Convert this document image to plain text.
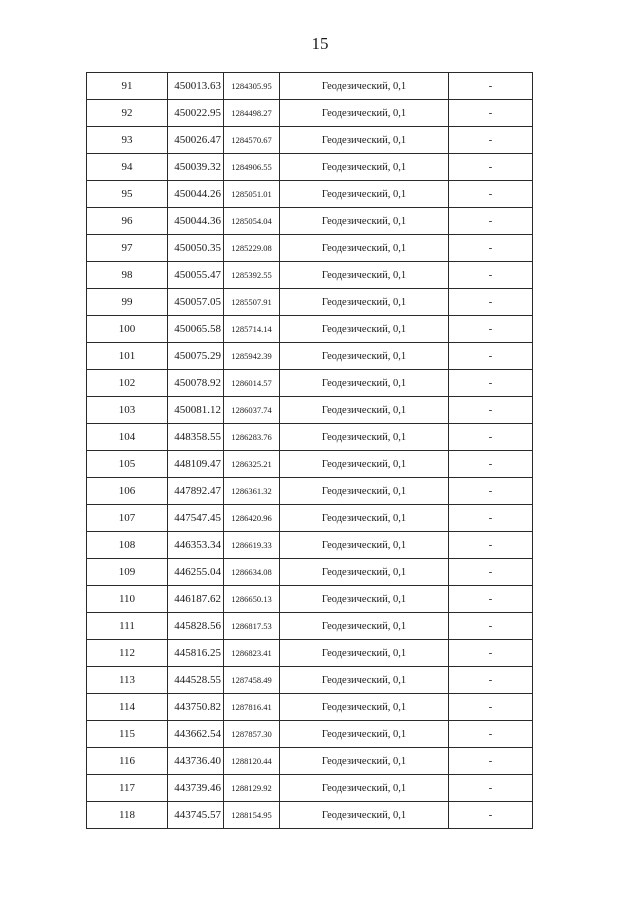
15
91	450013.63	1284305.95	Геодезический, 0,1	-
92	450022.95	1284498.27	Геодезический, 0,1	-
93	450026.47	1284570.67	Геодезический, 0,1	-
94	450039.32	1284906.55	Геодезический, 0,1	-
95	450044.26	1285051.01	Геодезический, 0,1	-
96	450044.36	1285054.04	Геодезический, 0,1	-
97	450050.35	1285229.08	Геодезический, 0,1	-
98	450055.47	1285392.55	Геодезический, 0,1	-
99	450057.05	1285507.91	Геодезический, 0,1	-
100	450065.58	1285714.14	Геодезический, 0,1	-
101	450075.29	1285942.39	Геодезический, 0,1	-
102	450078.92	1286014.57	Геодезический, 0,1	-
103	450081.12	1286037.74	Геодезический, 0,1	-
104	448358.55	1286283.76	Геодезический, 0,1	-
105	448109.47	1286325.21	Геодезический, 0,1	-
106	447892.47	1286361.32	Геодезический, 0,1	-
107	447547.45	1286420.96	Геодезический, 0,1	-
108	446353.34	1286619.33	Геодезический, 0,1	-
109	446255.04	1286634.08	Геодезический, 0,1	-
110	446187.62	1286650.13	Геодезический, 0,1	-
111	445828.56	1286817.53	Геодезический, 0,1	-
112	445816.25	1286823.41	Геодезический, 0,1	-
113	444528.55	1287458.49	Геодезический, 0,1	-
114	443750.82	1287816.41	Геодезический, 0,1	-
115	443662.54	1287857.30	Геодезический, 0,1	-
116	443736.40	1288120.44	Геодезический, 0,1	-
117	443739.46	1288129.92	Геодезический, 0,1	-
118	443745.57	1288154.95	Геодезический, 0,1	-
